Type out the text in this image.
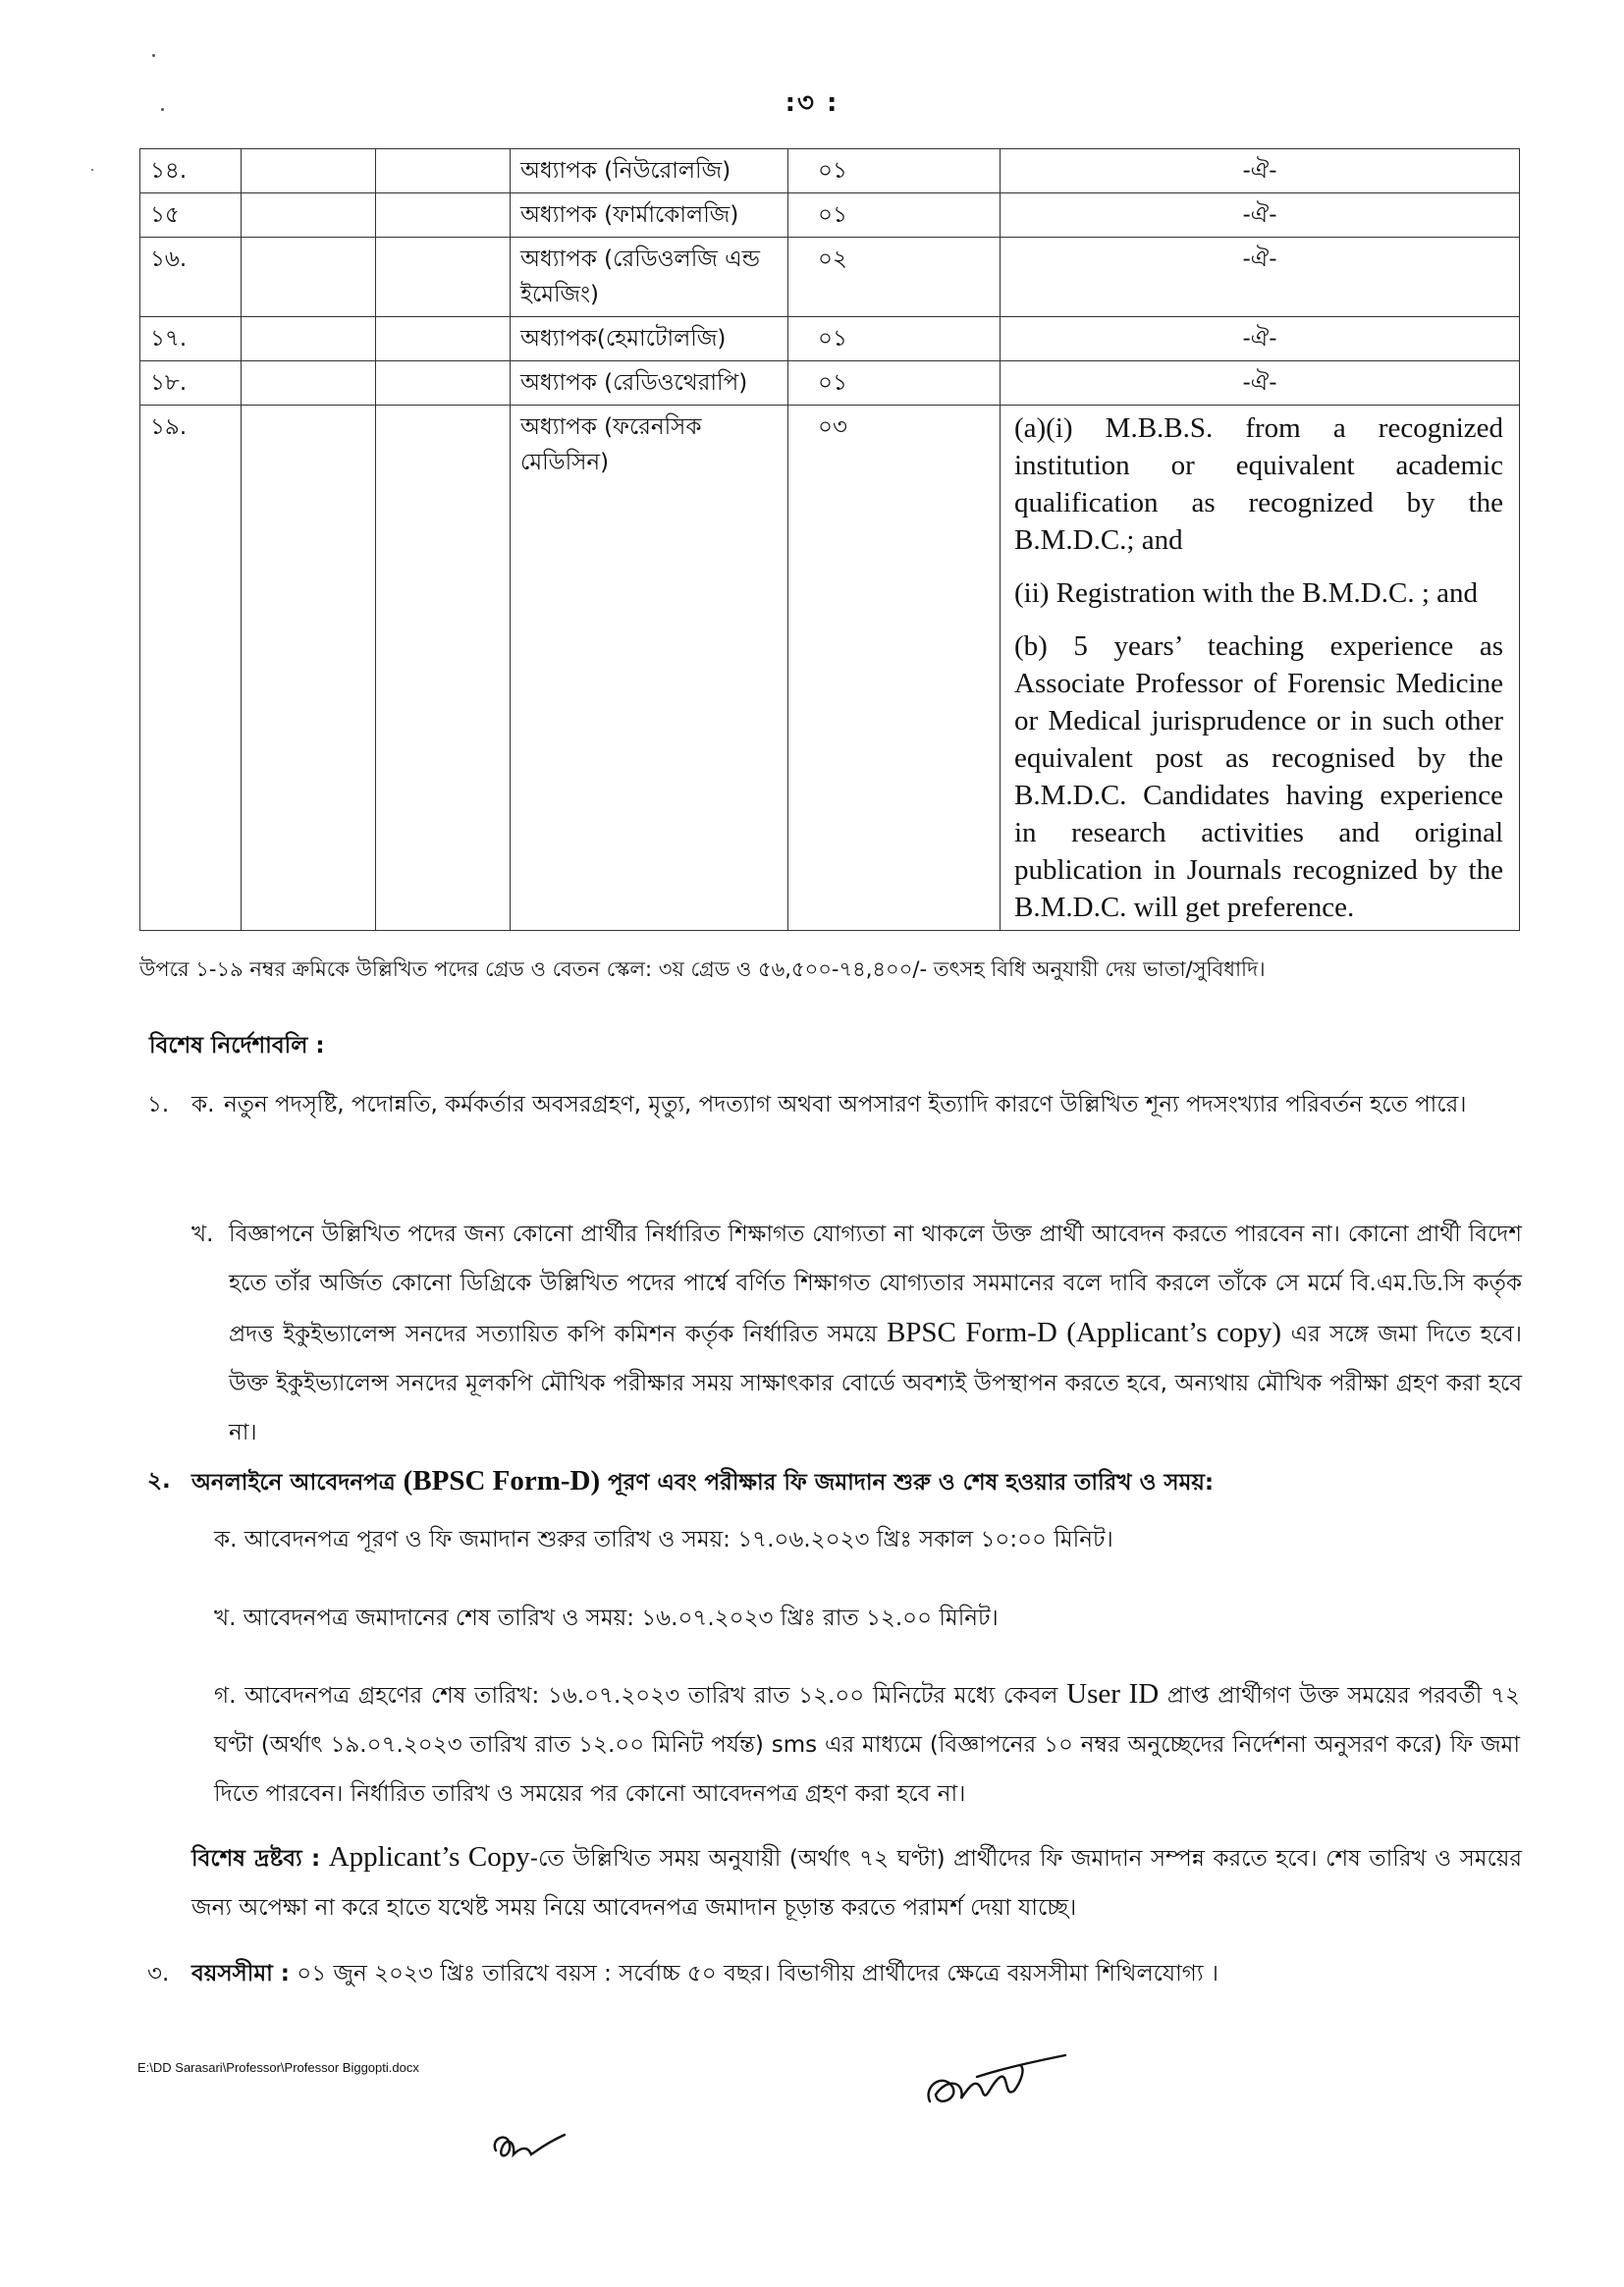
:৩ :
১৪.			অধ্যাপক (নিউরোলজি)	০১	-ঐ-
১৫			অধ্যাপক (ফার্মাকোলজি)	০১	-ঐ-
১৬.			অধ্যাপক (রেডিওলজি এন্ড ইমেজিং)	০২	-ঐ-
১৭.			অধ্যাপক(হেমাটোলজি)	০১	-ঐ-
১৮.			অধ্যাপক (রেডিওথেরাপি)	০১	-ঐ-
১৯.			অধ্যাপক (ফরেনসিক মেডিসিন)	০৩	(a)(i) M.B.B.S. from a recognized institution or equivalent academic qualification as recognized by the B.M.D.C.; and

(ii) Registration with the B.M.D.C. ; and

(b) 5 years’ teaching experience as Associate Professor of Forensic Medicine or Medical jurisprudence or in such other equivalent post as recognised by the B.M.D.C. Candidates having experience in research activities and original publication in Journals recognized by the B.M.D.C. will get preference.

উপরে ১-১৯ নম্বর ক্রমিকে উল্লিখিত পদের গ্রেড ও বেতন স্কেল: ৩য় গ্রেড ও ৫৬,৫০০-৭৪,৪০০/- তৎসহ বিধি অনুযায়ী দেয় ভাতা/সুবিধাদি।
বিশেষ নির্দেশাবলি :
১. ক. নতুন পদসৃষ্টি, পদোন্নতি, কর্মকর্তার অবসরগ্রহণ, মৃত্যু, পদত্যাগ অথবা অপসারণ ইত্যাদি কারণে উল্লিখিত শূন্য পদসংখ্যার পরিবর্তন হতে পারে।
খ. বিজ্ঞাপনে উল্লিখিত পদের জন্য কোনো প্রার্থীর নির্ধারিত শিক্ষাগত যোগ্যতা না থাকলে উক্ত প্রার্থী আবেদন করতে পারবেন না। কোনো প্রার্থী বিদেশ হতে তাঁর অর্জিত কোনো ডিগ্রিকে উল্লিখিত পদের পার্শ্বে বর্ণিত শিক্ষাগত যোগ্যতার সমমানের বলে দাবি করলে তাঁকে সে মর্মে বি.এম.ডি.সি কর্তৃক প্রদত্ত ইকুইভ্যালেন্স সনদের সত্যায়িত কপি কমিশন কর্তৃক নির্ধারিত সময়ে BPSC Form-D (Applicant’s copy) এর সঙ্গে জমা দিতে হবে। উক্ত ইকুইভ্যালেন্স সনদের মূলকপি মৌখিক পরীক্ষার সময় সাক্ষাৎকার বোর্ডে অবশ্যই উপস্থাপন করতে হবে, অন্যথায় মৌখিক পরীক্ষা গ্রহণ করা হবে না।
২. অনলাইনে আবেদনপত্র (BPSC Form-D) পূরণ এবং পরীক্ষার ফি জমাদান শুরু ও শেষ হওয়ার তারিখ ও সময়:
ক. আবেদনপত্র পূরণ ও ফি জমাদান শুরুর তারিখ ও সময়: ১৭.০৬.২০২৩ খ্রিঃ সকাল ১০:০০ মিনিট।
খ. আবেদনপত্র জমাদানের শেষ তারিখ ও সময়: ১৬.০৭.২০২৩ খ্রিঃ রাত ১২.০০ মিনিট।
গ. আবেদনপত্র গ্রহণের শেষ তারিখ: ১৬.০৭.২০২৩ তারিখ রাত ১২.০০ মিনিটের মধ্যে কেবল User ID প্রাপ্ত প্রার্থীগণ উক্ত সময়ের পরবর্তী ৭২ ঘণ্টা (অর্থাৎ ১৯.০৭.২০২৩ তারিখ রাত ১২.০০ মিনিট পর্যন্ত) sms এর মাধ্যমে (বিজ্ঞাপনের ১০ নম্বর অনুচ্ছেদের নির্দেশনা অনুসরণ করে) ফি জমা দিতে পারবেন। নির্ধারিত তারিখ ও সময়ের পর কোনো আবেদনপত্র গ্রহণ করা হবে না।
বিশেষ দ্রষ্টব্য : Applicant’s Copy-তে উল্লিখিত সময় অনুযায়ী (অর্থাৎ ৭২ ঘণ্টা) প্রার্থীদের ফি জমাদান সম্পন্ন করতে হবে। শেষ তারিখ ও সময়ের জন্য অপেক্ষা না করে হাতে যথেষ্ট সময় নিয়ে আবেদনপত্র জমাদান চূড়ান্ত করতে পরামর্শ দেয়া যাচ্ছে।
৩. বয়সসীমা : ০১ জুন ২০২৩ খ্রিঃ তারিখে বয়স : সর্বোচ্চ ৫০ বছর। বিভাগীয় প্রার্থীদের ক্ষেত্রে বয়সসীমা শিথিলযোগ্য ।
E:\DD Sarasari\Professor\Professor Biggopti.docx
